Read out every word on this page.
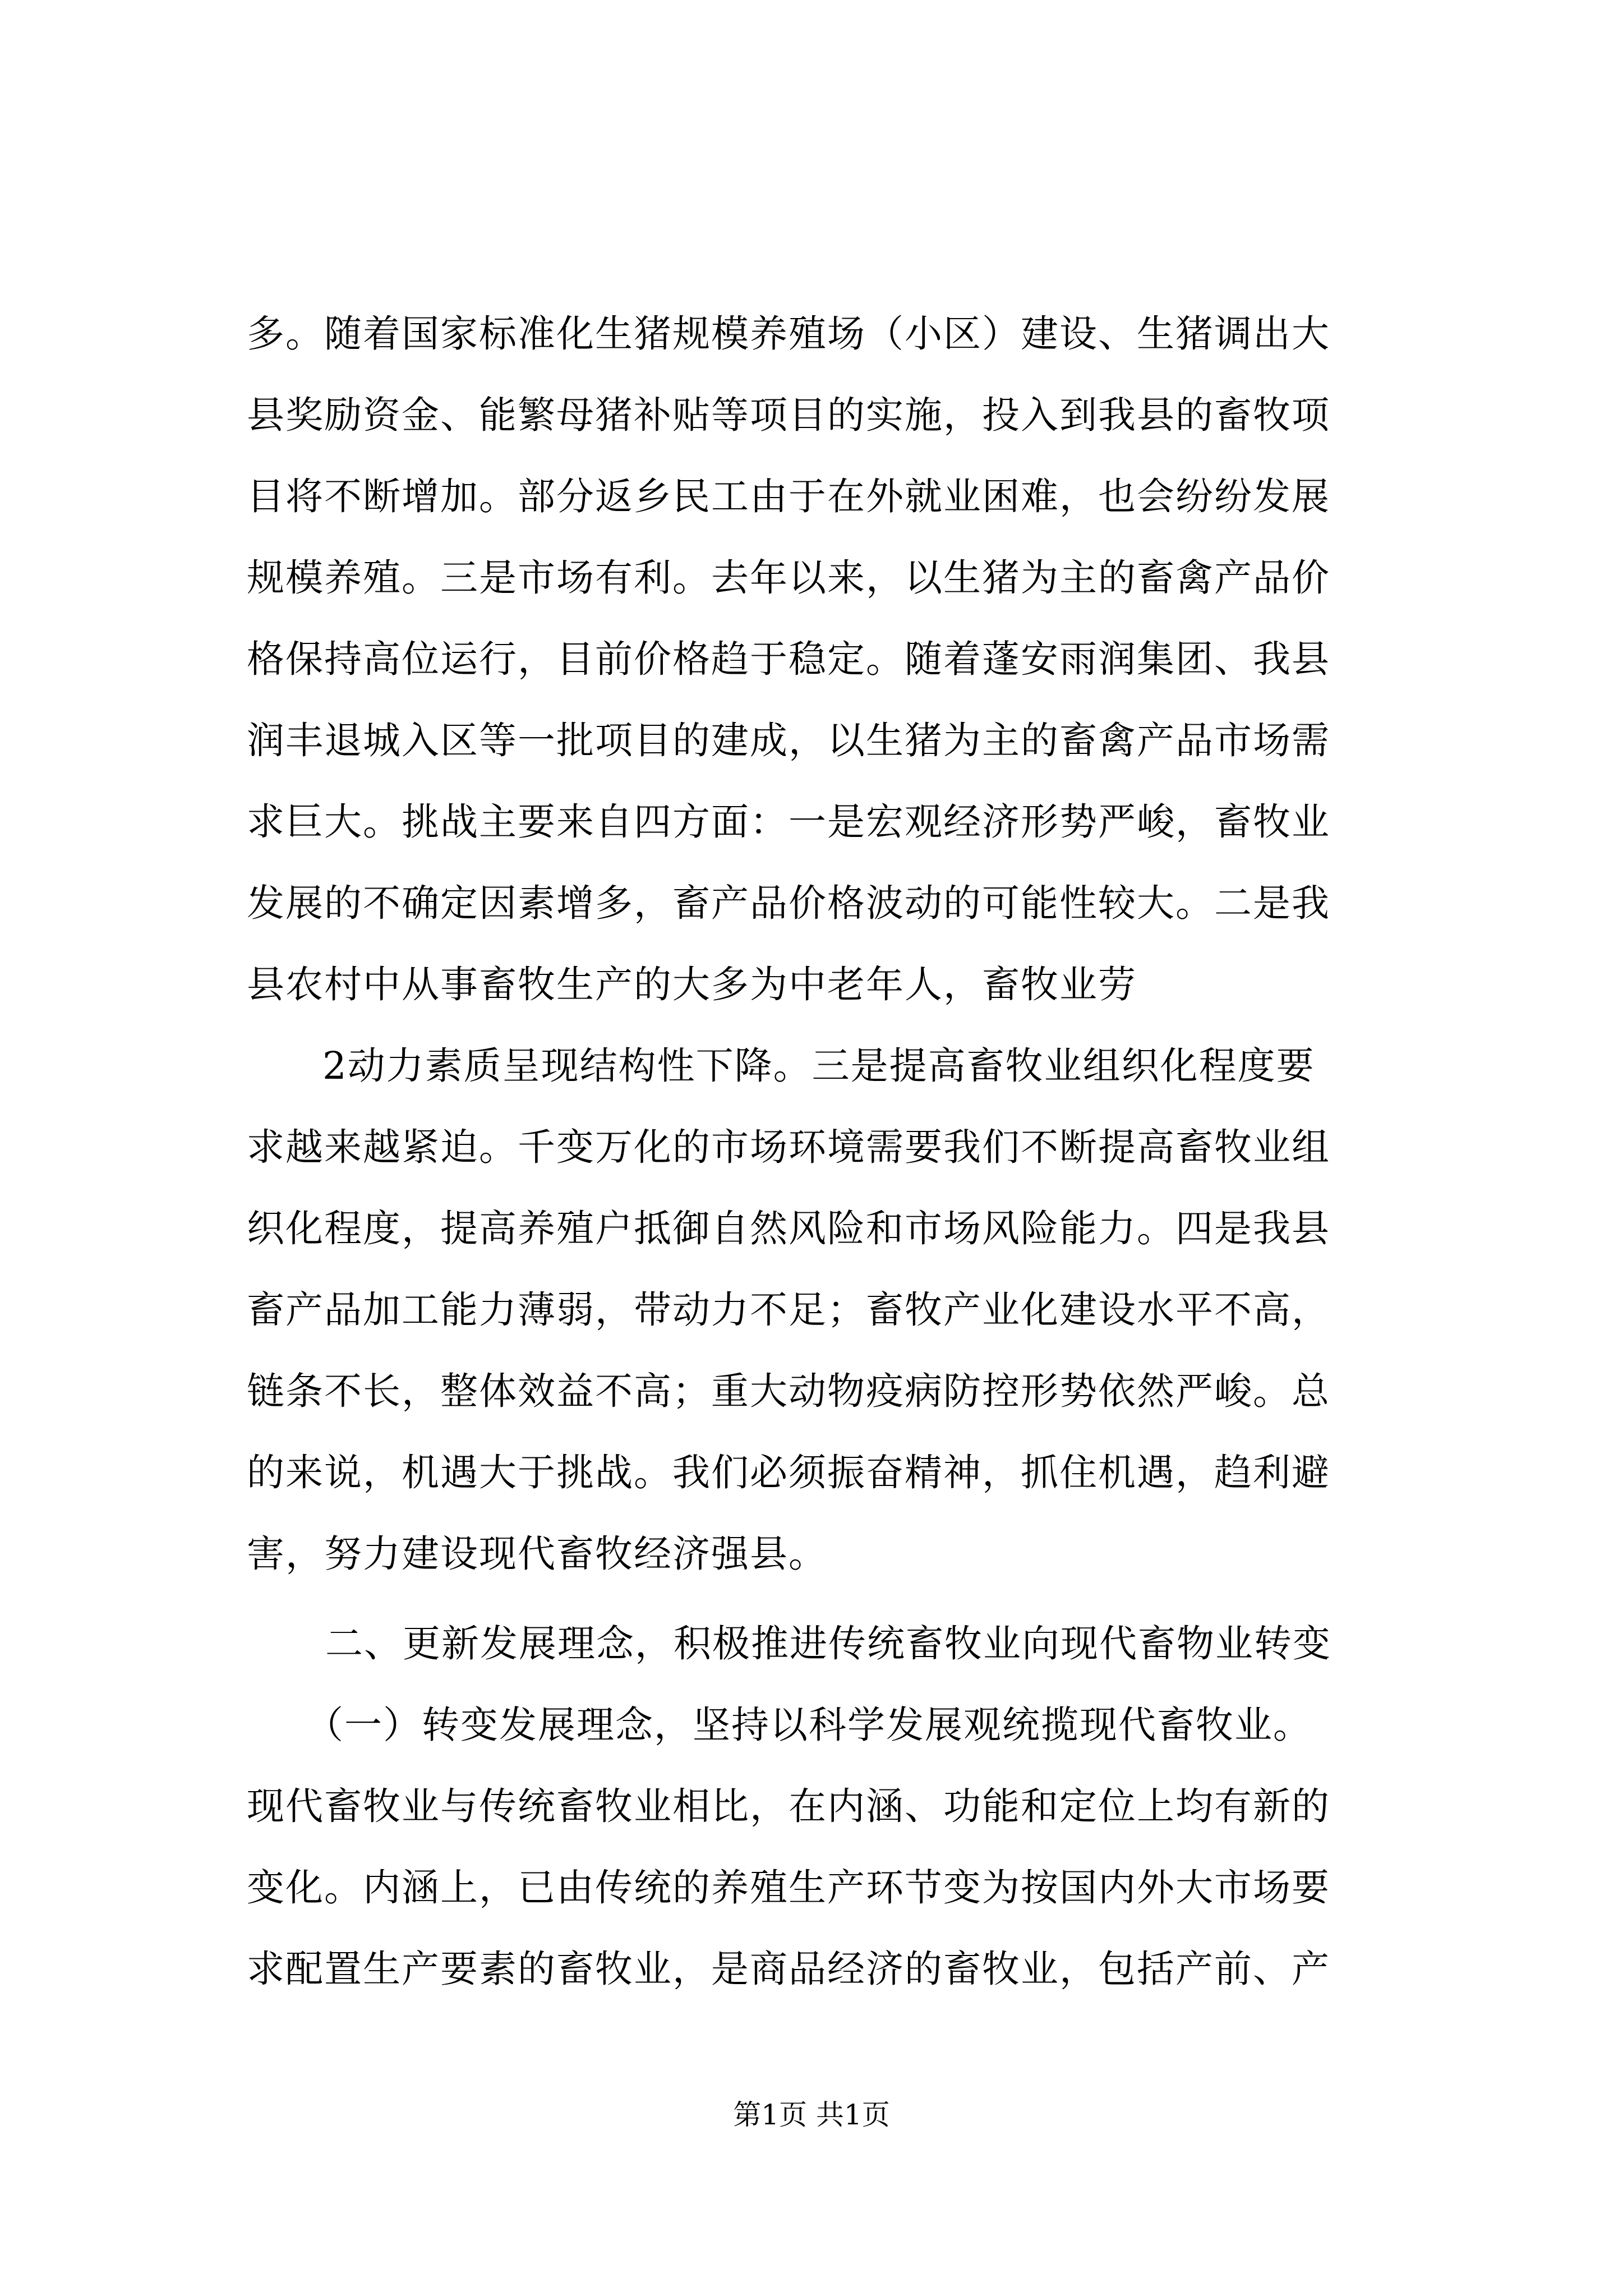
多。随着国家标准化生猪规模养殖场（小区）建设、生猪调出大

县奖励资金、能繁母猪补贴等项目的实施，投入到我县的畜牧项

目将不断增加。部分返乡民工由于在外就业困难，也会纷纷发展

规模养殖。三是市场有利。去年以来，以生猪为主的畜禽产品价

格保持高位运行，目前价格趋于稳定。随着蓬安雨润集团、我县

润丰退城入区等一批项目的建成，以生猪为主的畜禽产品市场需

求巨大。挑战主要来自四方面：一是宏观经济形势严峻，畜牧业

发展的不确定因素增多，畜产品价格波动的可能性较大。二是我

县农村中从事畜牧生产的大多为中老年人，畜牧业劳

2动力素质呈现结构性下降。三是提高畜牧业组织化程度要

求越来越紧迫。千变万化的市场环境需要我们不断提高畜牧业组

织化程度，提高养殖户抵御自然风险和市场风险能力。四是我县

畜产品加工能力薄弱，带动力不足；畜牧产业化建设水平不高，

链条不长，整体效益不高；重大动物疫病防控形势依然严峻。总

的来说，机遇大于挑战。我们必须振奋精神，抓住机遇，趋利避

害，努力建设现代畜牧经济强县。

二、更新发展理念，积极推进传统畜牧业向现代畜物业转变

（一）转变发展理念，坚持以科学发展观统揽现代畜牧业。

现代畜牧业与传统畜牧业相比，在内涵、功能和定位上均有新的

变化。内涵上，已由传统的养殖生产环节变为按国内外大市场要

求配置生产要素的畜牧业，是商品经济的畜牧业，包括产前、产

第1页 共1页
